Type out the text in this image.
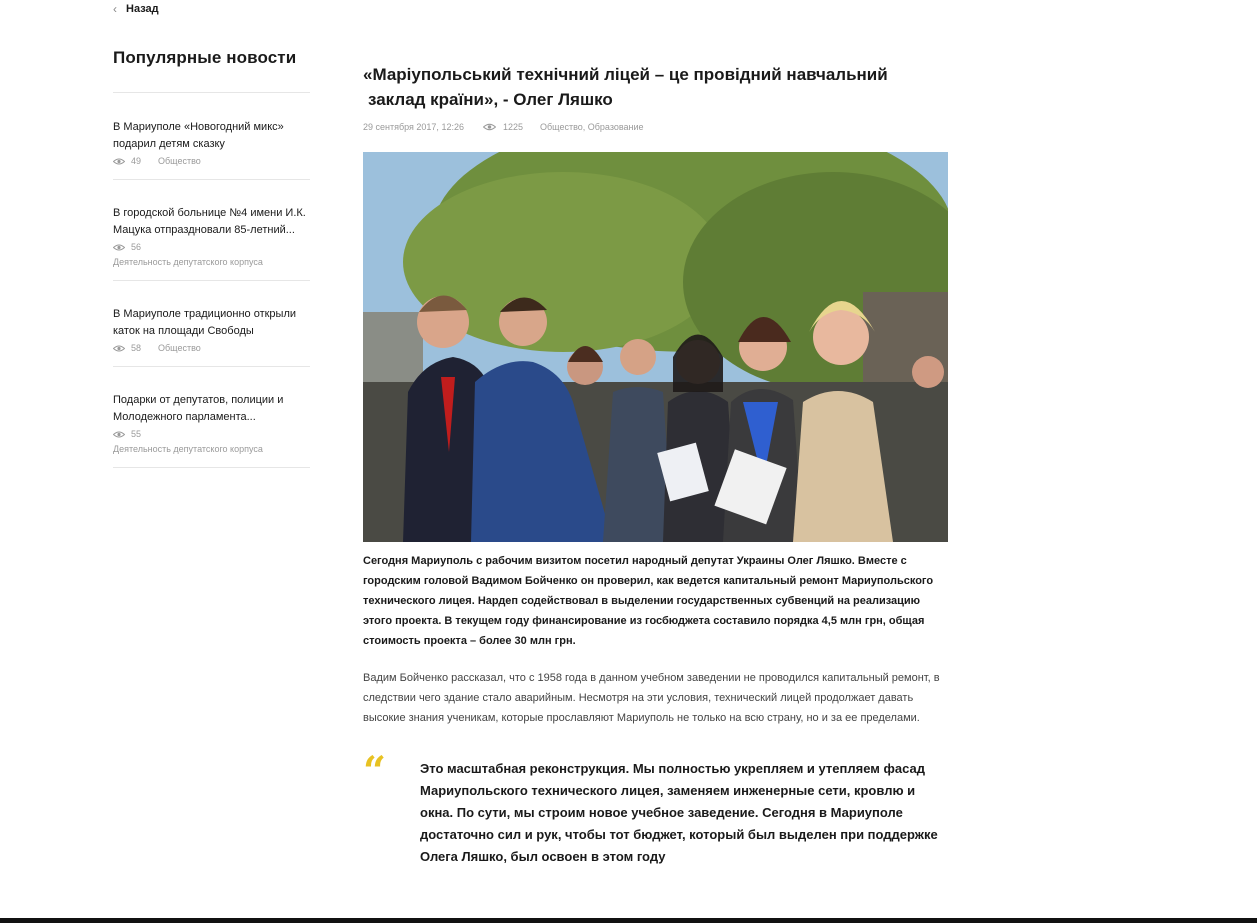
‹ Назад
Популярные новости
В Мариуполе «Новогодний микс» подарил детям сказку
49 Общество
В городской больнице №4 имени И.К. Мацука отпраздновали 85-летний...
56
Деятельность депутатского корпуса
В Мариуполе традиционно открыли каток на площади Свободы
58 Общество
Подарки от депутатов, полиции и Молодежного парламента...
55
Деятельность депутатского корпуса
«Маріупольський технічний ліцей – це провідний навчальний заклад країни», - Олег Ляшко
29 сентября 2017, 12:26	1225 Общество, Образование

Сегодня Мариуполь с рабочим визитом посетил народный депутат Украины Олег Ляшко. Вместе с городским головой Вадимом Бойченко он проверил, как ведется капитальный ремонт Мариупольского технического лицея. Нардеп содействовал в выделении государственных субвенций на реализацию этого проекта. В текущем году финансирование из госбюджета составило порядка 4,5 млн грн, общая стоимость проекта – более 30 млн грн.

Вадим Бойченко рассказал, что с 1958 года в данном учебном заведении не проводился капитальный ремонт, в следствии чего здание стало аварийным. Несмотря на эти условия, технический лицей продолжает давать высокие знания ученикам, которые прославляют Мариуполь не только на всю страну, но и за ее пределами.

“	Это масштабная реконструкция. Мы полностью укрепляем и утепляем фасад Мариупольского технического лицея, заменяем инженерные сети, кровлю и окна. По сути, мы строим новое учебное заведение. Сегодня в Мариуполе достаточно сил и рук, чтобы тот бюджет, который был выделен при поддержке Олега Ляшко, был освоен в этом году
